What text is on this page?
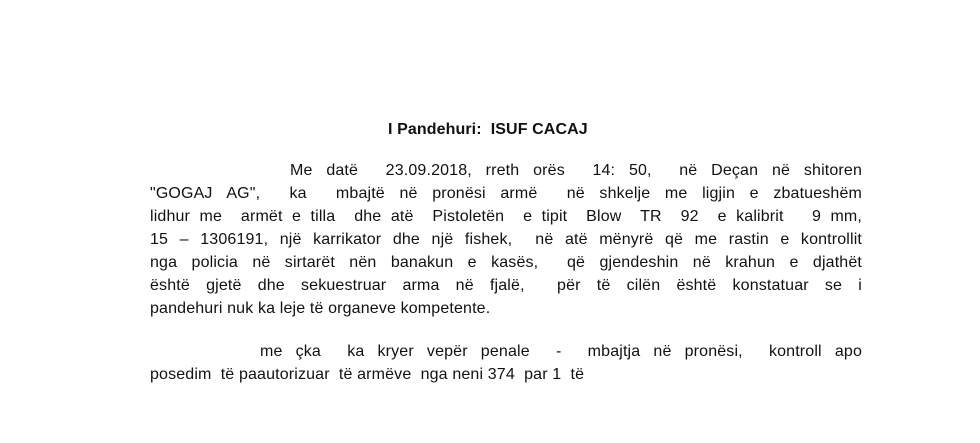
I Pandehuri:  ISUF CACAJ
Me datë  23.09.2018, rreth orës  14: 50,  në Deçan në shitoren
"GOGAJ AG",  ka  mbajtë në pronësi armë  në shkelje me ligjin e zbatueshëm
lidhur me  armët e tilla  dhe atë  Pistoletën  e tipit  Blow  TR  92  e kalibrit   9 mm,
15 – 1306191, një karrikator dhe një fishek,  në atë mënyrë që me rastin e kontrollit
nga policia në sirtarët nën banakun e kasës,  që gjendeshin në krahun e djathët
është gjetë dhe sekuestruar arma në fjalë,  për të cilën është konstatuar se i
pandehuri nuk ka leje të organeve kompetente.
me çka  ka kryer vepër penale  -  mbajtja në pronësi,  kontroll apo
posedim  të paautorizuar  të armëve  nga neni 374  par 1  të
